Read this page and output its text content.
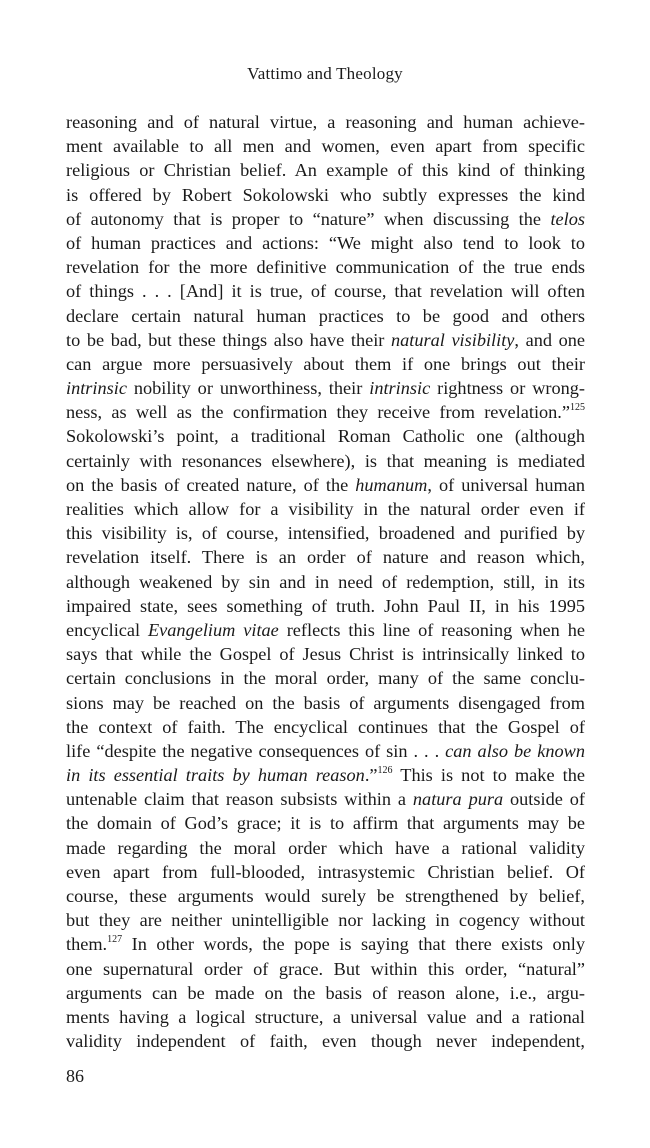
Vattimo and Theology
reasoning and of natural virtue, a reasoning and human achieve-
ment available to all men and women, even apart from specific
religious or Christian belief. An example of this kind of thinking
is offered by Robert Sokolowski who subtly expresses the kind
of autonomy that is proper to “nature” when discussing the telos
of human practices and actions: “We might also tend to look to
revelation for the more definitive communication of the true ends
of things . . . [And] it is true, of course, that revelation will often
declare certain natural human practices to be good and others
to be bad, but these things also have their natural visibility, and one
can argue more persuasively about them if one brings out their
intrinsic nobility or unworthiness, their intrinsic rightness or wrong-
ness, as well as the confirmation they receive from revelation.”$^{125}$
Sokolowski’s point, a traditional Roman Catholic one (although
certainly with resonances elsewhere), is that meaning is mediated
on the basis of created nature, of the humanum, of universal human
realities which allow for a visibility in the natural order even if
this visibility is, of course, intensified, broadened and purified by
revelation itself. There is an order of nature and reason which,
although weakened by sin and in need of redemption, still, in its
impaired state, sees something of truth. John Paul II, in his 1995
encyclical Evangelium vitae reflects this line of reasoning when he
says that while the Gospel of Jesus Christ is intrinsically linked to
certain conclusions in the moral order, many of the same conclu-
sions may be reached on the basis of arguments disengaged from
the context of faith. The encyclical continues that the Gospel of
life “despite the negative consequences of sin . . . can also be known
in its essential traits by human reason.”$^{126}$ This is not to make the
untenable claim that reason subsists within a natura pura outside of
the domain of God’s grace; it is to affirm that arguments may be
made regarding the moral order which have a rational validity
even apart from full-blooded, intrasystemic Christian belief. Of
course, these arguments would surely be strengthened by belief,
but they are neither unintelligible nor lacking in cogency without
them.$^{127}$ In other words, the pope is saying that there exists only
one supernatural order of grace. But within this order, “natural”
arguments can be made on the basis of reason alone, i.e., argu-
ments having a logical structure, a universal value and a rational
validity independent of faith, even though never independent,
86
